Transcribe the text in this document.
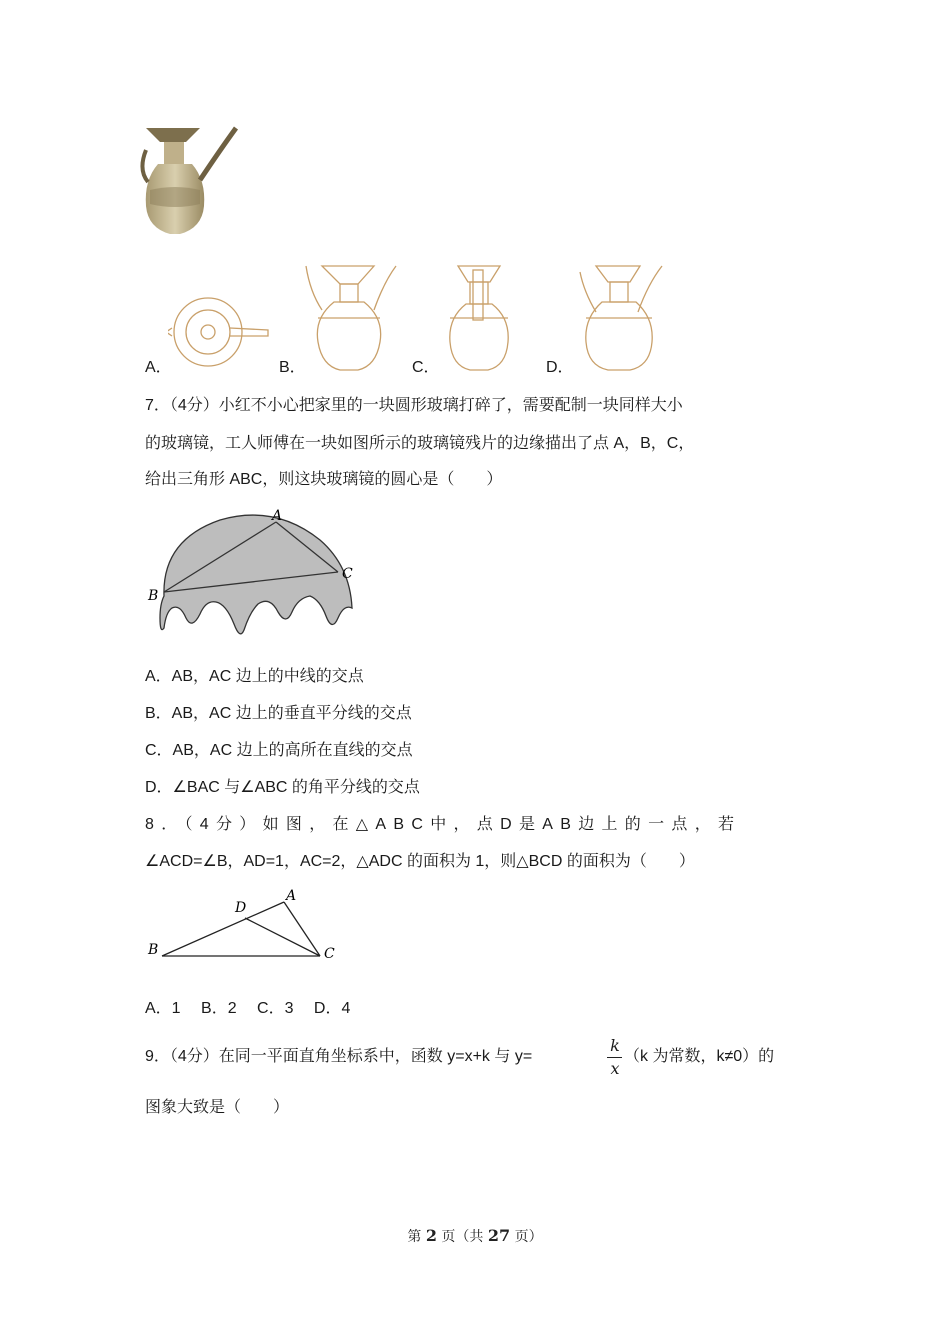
A．	B．	C．	D．
7．（4分）小红不小心把家里的一块圆形玻璃打碎了，需要配制一块同样大小
的玻璃镜，工人师傅在一块如图所示的玻璃镜残片的边缘描出了点 A，B，C，
给出三角形 ABC，则这块玻璃镜的圆心是（　　）
A
B
C
A．AB，AC 边上的中线的交点
B．AB，AC 边上的垂直平分线的交点
C．AB，AC 边上的高所在直线的交点
D．∠BAC 与∠ABC 的角平分线的交点
8．（4分）如图，在△ABC中，点D是AB边上的一点，若
∠ACD=∠B，AD=1，AC=2，△ADC 的面积为 1，则△BCD 的面积为（　　）
A
B	C
D
A．1　 B．2　 C．3　 D．4
9．（4分）在同一平面直角坐标系中，函数 y=x+k 与 y=
k
x
（k 为常数，k≠0）的
图象大致是（　　）
第 2 页（共 27 页）
